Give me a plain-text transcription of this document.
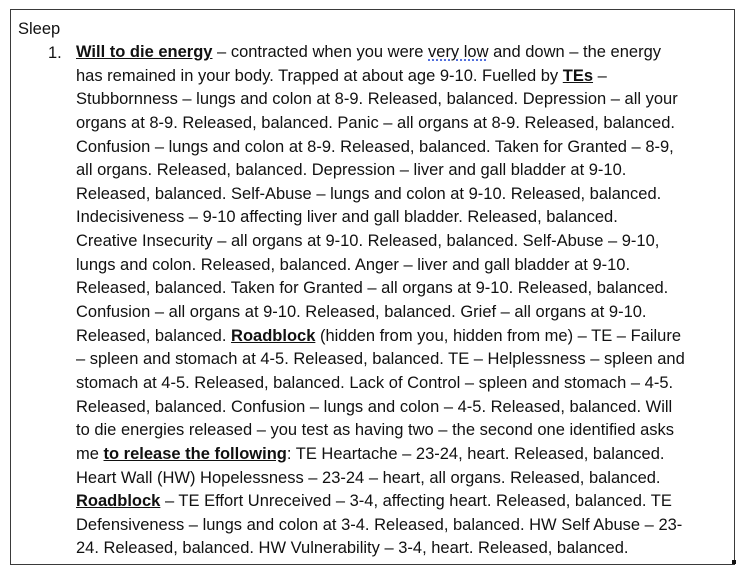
Sleep
1. Will to die energy – contracted when you were very low and down – the energy
has remained in your body. Trapped at about age 9-10. Fuelled by TEs –
Stubbornness – lungs and colon at 8-9. Released, balanced. Depression – all your
organs at 8-9. Released, balanced. Panic – all organs at 8-9. Released, balanced.
Confusion – lungs and colon at 8-9. Released, balanced. Taken for Granted – 8-9,
all organs. Released, balanced. Depression – liver and gall bladder at 9-10.
Released, balanced. Self-Abuse – lungs and colon at 9-10. Released, balanced.
Indecisiveness – 9-10 affecting liver and gall bladder. Released, balanced.
Creative Insecurity – all organs at 9-10. Released, balanced. Self-Abuse – 9-10,
lungs and colon. Released, balanced. Anger – liver and gall bladder at 9-10.
Released, balanced. Taken for Granted – all organs at 9-10. Released, balanced.
Confusion – all organs at 9-10. Released, balanced. Grief – all organs at 9-10.
Released, balanced. Roadblock (hidden from you, hidden from me) – TE – Failure
– spleen and stomach at 4-5. Released, balanced. TE – Helplessness – spleen and
stomach at 4-5. Released, balanced. Lack of Control – spleen and stomach – 4-5.
Released, balanced. Confusion – lungs and colon – 4-5. Released, balanced. Will
to die energies released – you test as having two – the second one identified asks
me to release the following: TE Heartache – 23-24, heart. Released, balanced.
Heart Wall (HW) Hopelessness – 23-24 – heart, all organs. Released, balanced.
Roadblock – TE Effort Unreceived – 3-4, affecting heart. Released, balanced. TE
Defensiveness – lungs and colon at 3-4. Released, balanced. HW Self Abuse – 23-
24. Released, balanced. HW Vulnerability – 3-4, heart. Released, balanced.
